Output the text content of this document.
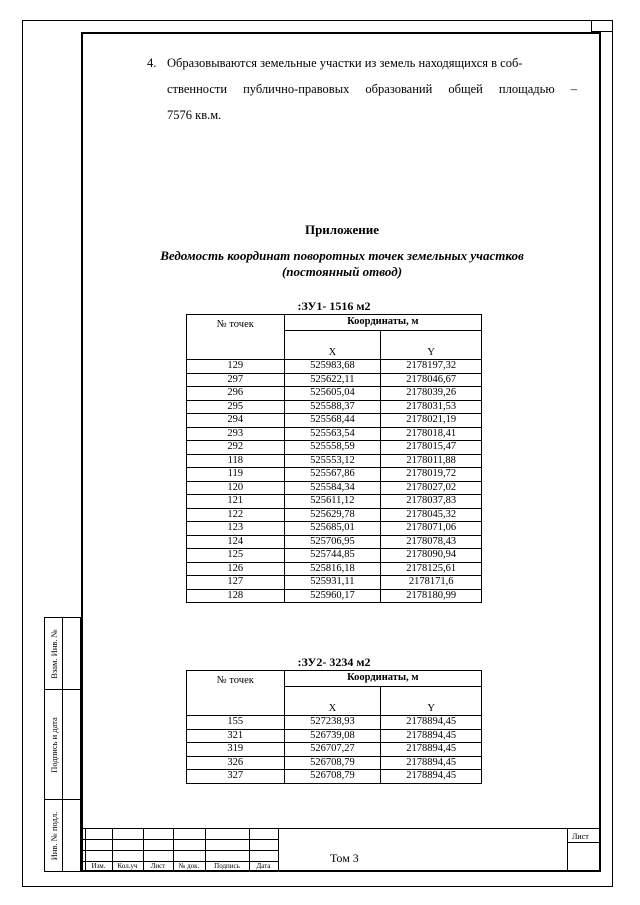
Взам. Инв. №
Подпись и дата
Инв. № подл.
4. Образовываются земельные участки из земель находящихся в соб-

ственности публично-правовых образований общей площадью –

7576 кв.м.

Приложение
Ведомость координат поворотных точек земельных участков
(постоянный отвод)
:ЗУ1- 1516 м2
№ точек	Координаты, м	
	X	Y
129	525983,68	2178197,32
297	525622,11	2178046,67
296	525605,04	2178039,26
295	525588,37	2178031,53
294	525568,44	2178021,19
293	525563,54	2178018,41
292	525558,59	2178015,47
118	525553,12	2178011,88
119	525567,86	2178019,72
120	525584,34	2178027,02
121	525611,12	2178037,83
122	525629,78	2178045,32
123	525685,01	2178071,06
124	525706,95	2178078,43
125	525744,85	2178090,94
126	525816,18	2178125,61
127	525931,11	2178171,6
128	525960,17	2178180,99
:ЗУ2- 3234 м2
№ точек	Координаты, м	
	X	Y
155	527238,93	2178894,45
321	526739,08	2178894,45
319	526707,27	2178894,45
326	526708,79	2178894,45
327	526708,79	2178894,45
Изм.	Кол.уч	Лист	№ док.	Подпись	Дата
Том 3
Лист
